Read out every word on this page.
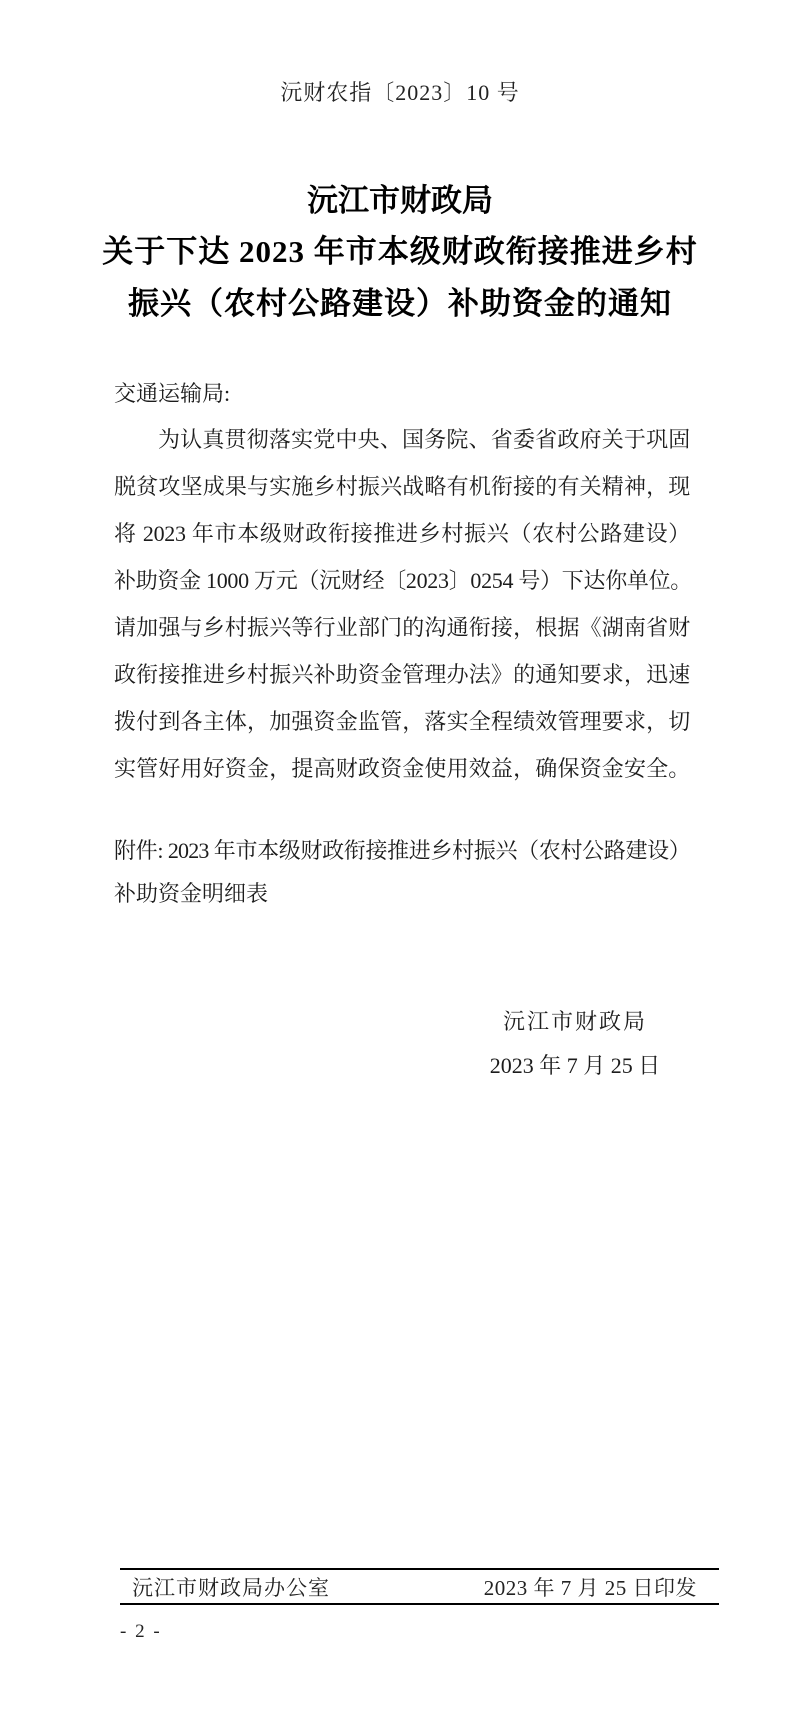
沅财农指〔2023〕10 号
沅江市财政局
关于下达 2023 年市本级财政衔接推进乡村
振兴（农村公路建设）补助资金的通知
交通运输局:
为认真贯彻落实党中央、国务院、省委省政府关于巩固
脱贫攻坚成果与实施乡村振兴战略有机衔接的有关精神，现
将 2023 年市本级财政衔接推进乡村振兴（农村公路建设）
补助资金 1000 万元（沅财经〔2023〕0254 号）下达你单位。
请加强与乡村振兴等行业部门的沟通衔接，根据《湖南省财
政衔接推进乡村振兴补助资金管理办法》的通知要求，迅速
拨付到各主体，加强资金监管，落实全程绩效管理要求，切
实管好用好资金，提高财政资金使用效益，确保资金安全。
附件: 2023 年市本级财政衔接推进乡村振兴（农村公路建设）
补助资金明细表
沅江市财政局
2023 年 7 月 25 日
沅江市财政局办公室	2023 年 7 月 25 日印发
- 2 -
